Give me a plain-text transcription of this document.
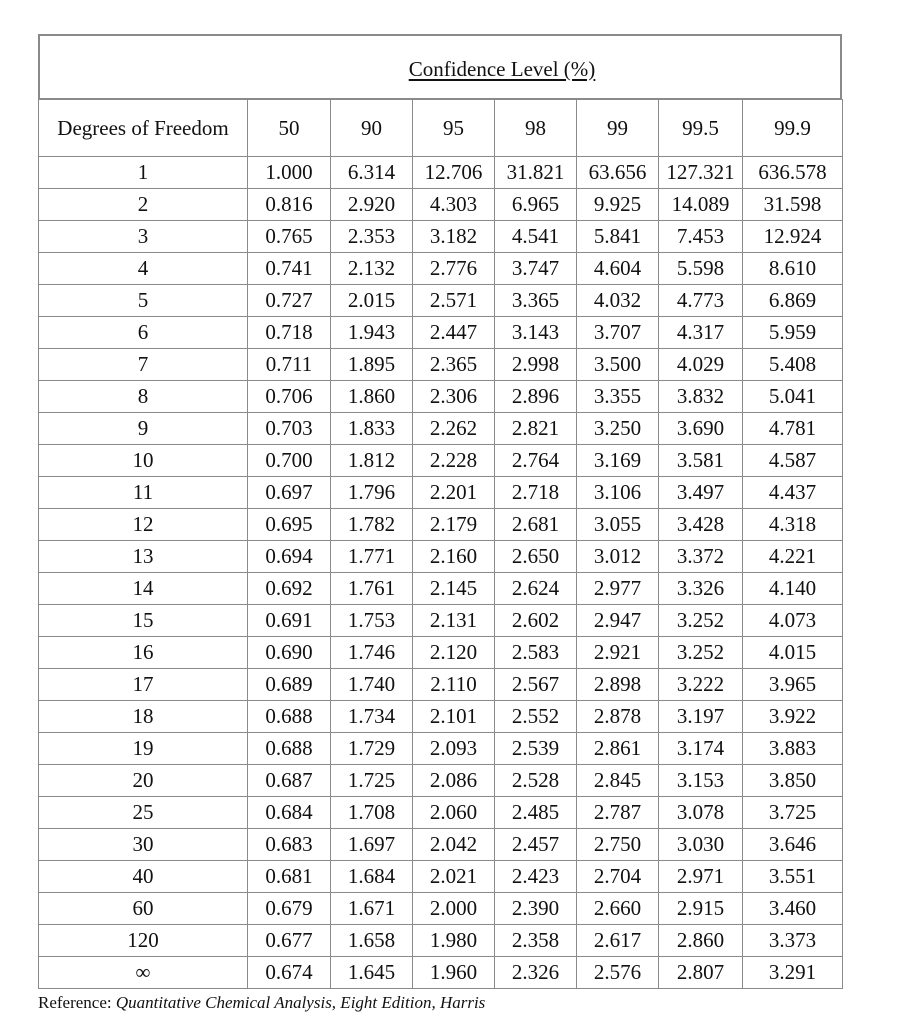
Confidence Level (%)
Degrees of Freedom	50	90	95	98	99	99.5	99.9
1	1.000	6.314	12.706	31.821	63.656	127.321	636.578
2	0.816	2.920	4.303	6.965	9.925	14.089	31.598
3	0.765	2.353	3.182	4.541	5.841	7.453	12.924
4	0.741	2.132	2.776	3.747	4.604	5.598	8.610
5	0.727	2.015	2.571	3.365	4.032	4.773	6.869
6	0.718	1.943	2.447	3.143	3.707	4.317	5.959
7	0.711	1.895	2.365	2.998	3.500	4.029	5.408
8	0.706	1.860	2.306	2.896	3.355	3.832	5.041
9	0.703	1.833	2.262	2.821	3.250	3.690	4.781
10	0.700	1.812	2.228	2.764	3.169	3.581	4.587
11	0.697	1.796	2.201	2.718	3.106	3.497	4.437
12	0.695	1.782	2.179	2.681	3.055	3.428	4.318
13	0.694	1.771	2.160	2.650	3.012	3.372	4.221
14	0.692	1.761	2.145	2.624	2.977	3.326	4.140
15	0.691	1.753	2.131	2.602	2.947	3.252	4.073
16	0.690	1.746	2.120	2.583	2.921	3.252	4.015
17	0.689	1.740	2.110	2.567	2.898	3.222	3.965
18	0.688	1.734	2.101	2.552	2.878	3.197	3.922
19	0.688	1.729	2.093	2.539	2.861	3.174	3.883
20	0.687	1.725	2.086	2.528	2.845	3.153	3.850
25	0.684	1.708	2.060	2.485	2.787	3.078	3.725
30	0.683	1.697	2.042	2.457	2.750	3.030	3.646
40	0.681	1.684	2.021	2.423	2.704	2.971	3.551
60	0.679	1.671	2.000	2.390	2.660	2.915	3.460
120	0.677	1.658	1.980	2.358	2.617	2.860	3.373
∞	0.674	1.645	1.960	2.326	2.576	2.807	3.291
Reference: Quantitative Chemical Analysis, Eight Edition, Harris
